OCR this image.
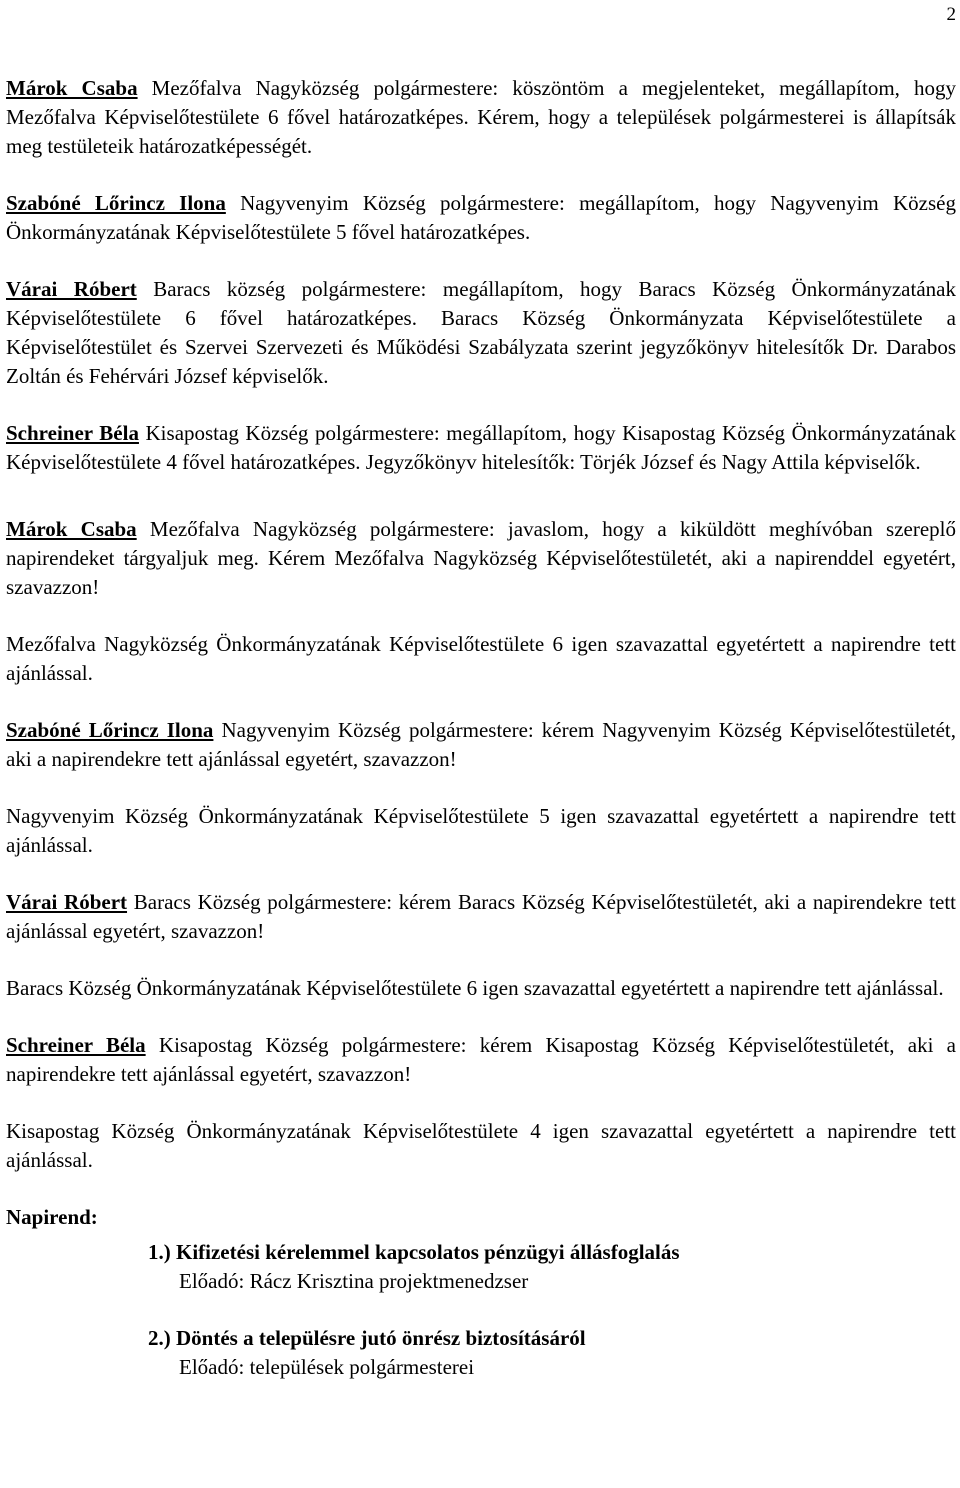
2

Márok Csaba Mezőfalva Nagyközség polgármestere: köszöntöm a megjelenteket, megállapítom, hogy Mezőfalva Képviselőtestülete 6 fővel határozatképes. Kérem, hogy a települések polgármesterei is állapítsák meg testületeik határozatképességét.

Szabóné Lőrincz Ilona Nagyvenyim Község polgármestere: megállapítom, hogy Nagyvenyim Község Önkormányzatának Képviselőtestülete 5 fővel határozatképes.

Várai Róbert Baracs község polgármestere: megállapítom, hogy Baracs Község Önkormányzatának Képviselőtestülete 6 fővel határozatképes. Baracs Község Önkormányzata Képviselőtestülete a Képviselőtestület és Szervei Szervezeti és Működési Szabályzata szerint jegyzőkönyv hitelesítők Dr. Darabos Zoltán és Fehérvári József képviselők.

Schreiner Béla Kisapostag Község polgármestere: megállapítom, hogy Kisapostag Község Önkormányzatának Képviselőtestülete 4 fővel határozatképes. Jegyzőkönyv hitelesítők: Törjék József és Nagy Attila képviselők.

Márok Csaba Mezőfalva Nagyközség polgármestere: javaslom, hogy a kiküldött meghívóban szereplő napirendeket tárgyaljuk meg. Kérem Mezőfalva Nagyközség Képviselőtestületét, aki a napirenddel egyetért, szavazzon!

Mezőfalva Nagyközség Önkormányzatának Képviselőtestülete 6 igen szavazattal egyetértett a napirendre tett ajánlással.

Szabóné Lőrincz Ilona Nagyvenyim Község polgármestere: kérem Nagyvenyim Község Képviselőtestületét, aki a napirendekre tett ajánlással egyetért, szavazzon!

Nagyvenyim Község Önkormányzatának Képviselőtestülete 5 igen szavazattal egyetértett a napirendre tett ajánlással.

Várai Róbert Baracs Község polgármestere: kérem Baracs Község Képviselőtestületét, aki a napirendekre tett ajánlással egyetért, szavazzon!

Baracs Község Önkormányzatának Képviselőtestülete 6 igen szavazattal egyetértett a napirendre tett ajánlással.

Schreiner Béla Kisapostag Község polgármestere: kérem Kisapostag Község Képviselőtestületét, aki a napirendekre tett ajánlással egyetért, szavazzon!

Kisapostag Község Önkormányzatának Képviselőtestülete 4 igen szavazattal egyetértett a napirendre tett ajánlással.

Napirend:
1.) Kifizetési kérelemmel kapcsolatos pénzügyi állásfoglalás
Előadó: Rácz Krisztina projektmenedzser
2.) Döntés a településre jutó önrész biztosításáról
Előadó: települések polgármesterei
